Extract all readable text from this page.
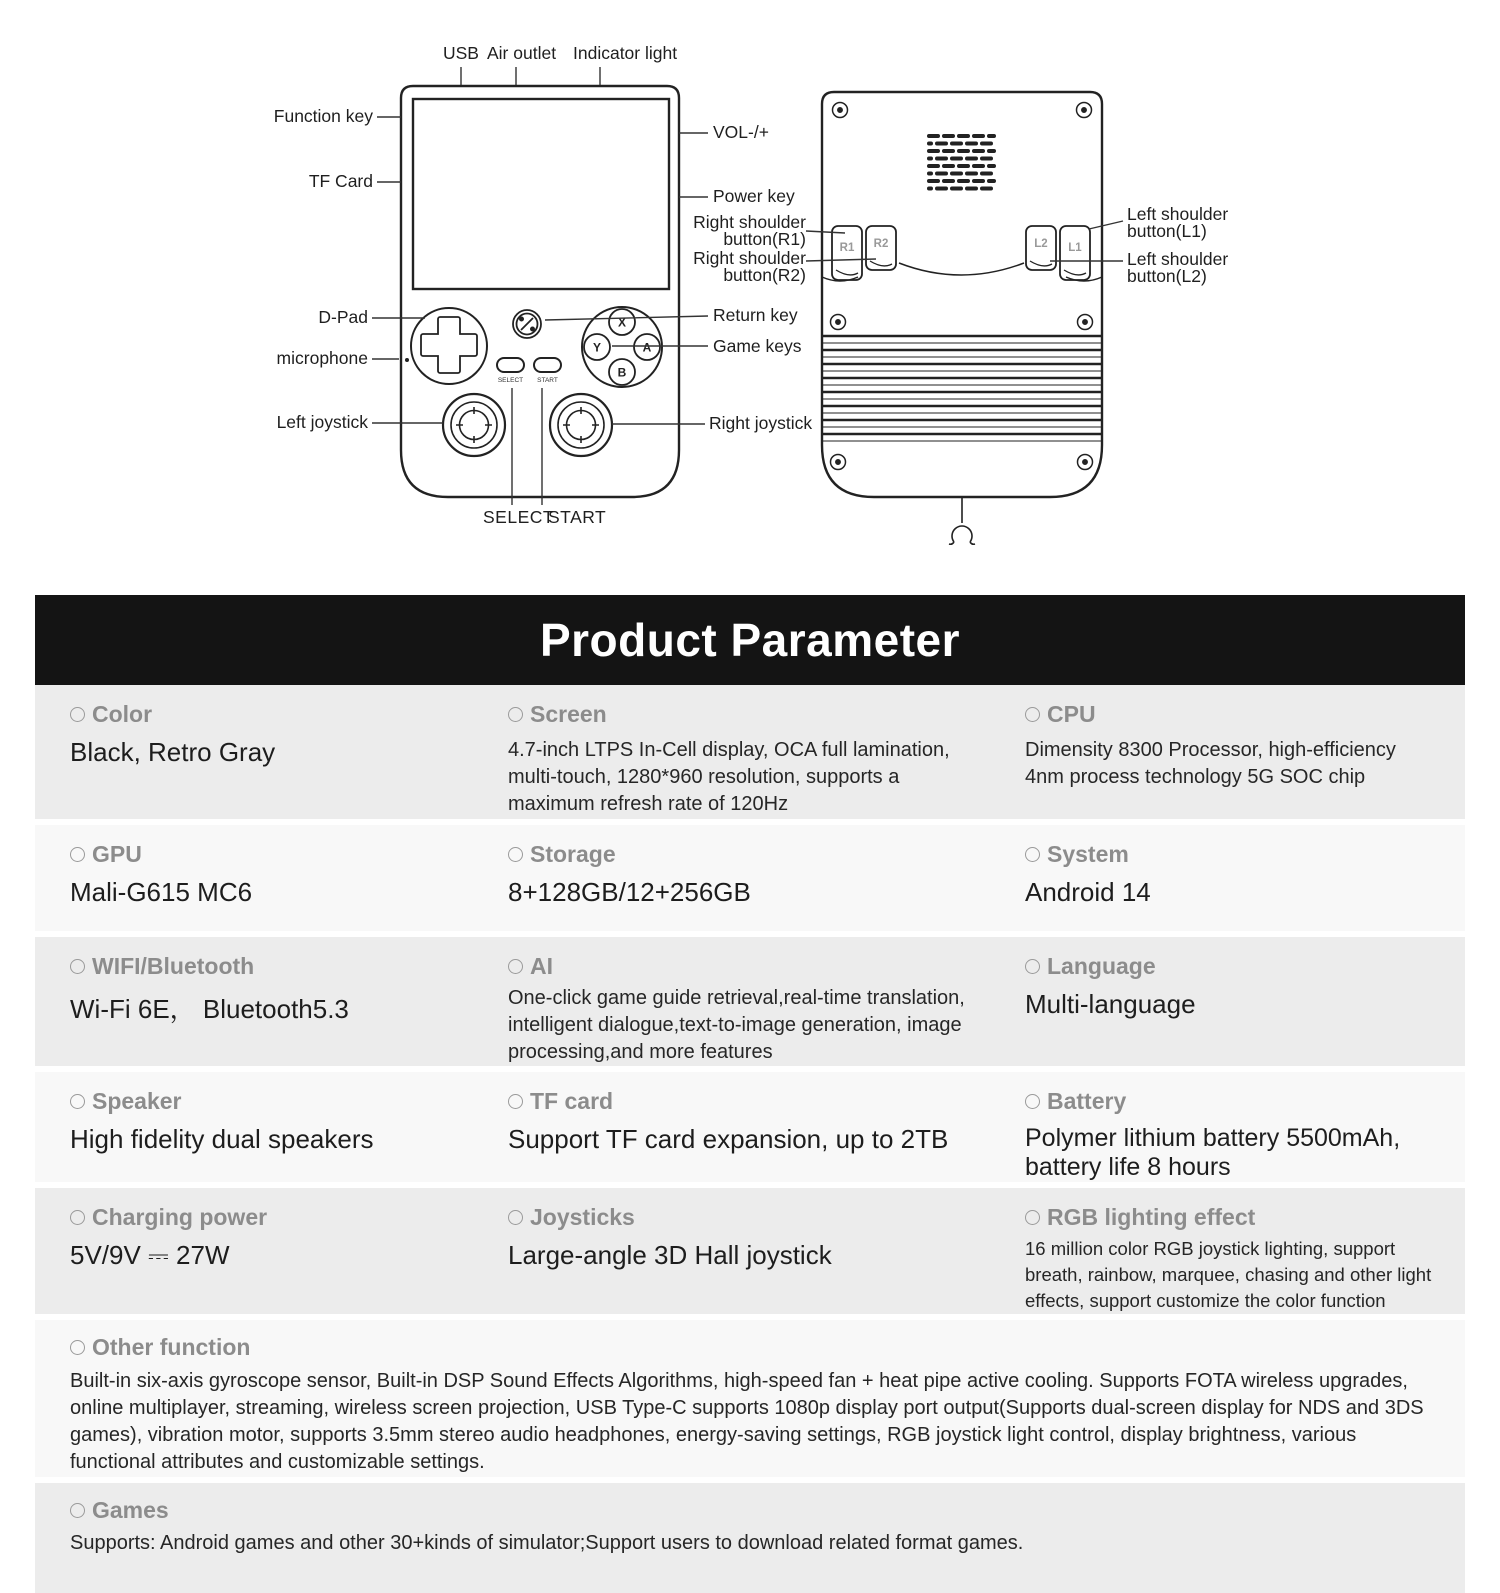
X
Y	A
B
SELECT START
R1 R2	L2 L1
USB Air outlet Indicator light
Function key
TF Card
D-Pad
microphone
Left joystick
VOL-/+
Power key
Right shoulder
button(R1)
Right shoulder
button(R2)
Return key
Game keys
Right joystick
SELECT
START
Left shoulder
button(L1)
Left shoulder
button(L2)
Product Parameter
Color
Black, Retro Gray
Screen
4.7-inch LTPS In-Cell display, OCA full lamination, multi-touch, 1280*960 resolution, supports a maximum refresh rate of 120Hz
CPU
Dimensity 8300 Processor, high-efficiency 4nm process technology 5G SOC chip
GPU
Mali-G615 MC6
Storage
8+128GB/12+256GB
System
Android 14
WIFI/Bluetooth
Wi-Fi 6E， Bluetooth5.3
AI
One-click game guide retrieval,real-time translation, intelligent dialogue,text-to-image generation, image processing,and more features
Language
Multi-language
Speaker
High fidelity dual speakers
TF card
Support TF card expansion, up to 2TB
Battery
Polymer lithium battery 5500mAh, battery life 8 hours
Charging power
5V/9V ⎓ 27W
Joysticks
Large-angle 3D Hall joystick
RGB lighting effect
16 million color RGB joystick lighting, support breath, rainbow, marquee, chasing and other light effects, support customize the color function
Other function
Built-in six-axis gyroscope sensor, Built-in DSP Sound Effects Algorithms, high-speed fan + heat pipe active cooling. Supports FOTA wireless upgrades, online multiplayer, streaming, wireless screen projection, USB Type-C supports 1080p display port output(Supports dual-screen display for NDS and 3DS games), vibration motor, supports 3.5mm stereo audio headphones, energy-saving settings, RGB joystick light control, display brightness, various functional attributes and customizable settings.
Games
Supports: Android games and other 30+kinds of simulator;Support users to download related format games.
